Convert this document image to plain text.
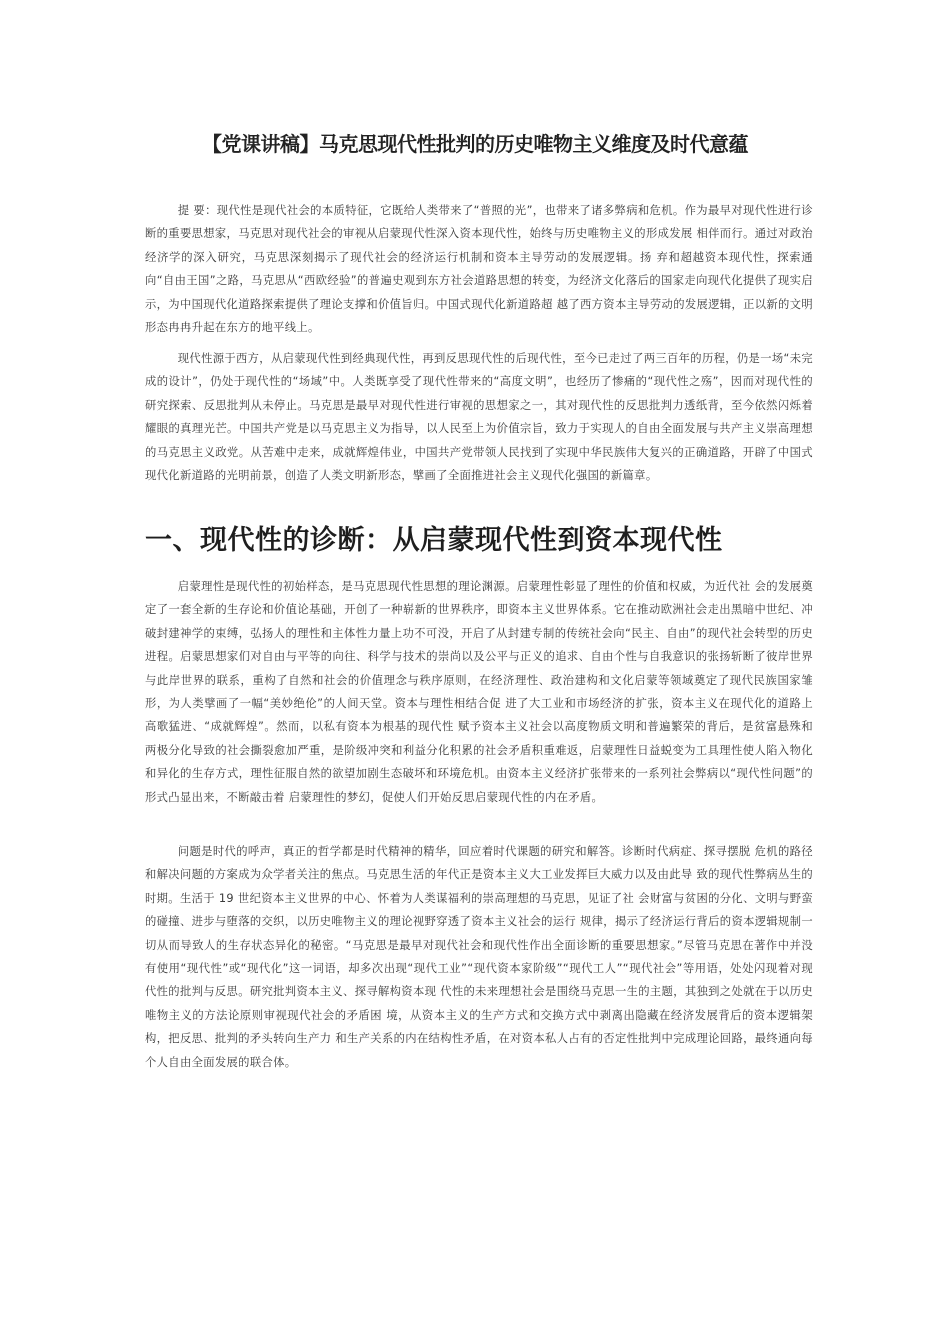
【党课讲稿】马克思现代性批判的历史唯物主义维度及时代意蕴

提 要：现代性是现代社会的本质特征，它既给人类带来了“普照的光”，也带来了诸多弊病和危机。作为最早对现代性进行诊断的重要思想家，马克思对现代社会的审视从启蒙现代性深入资本现代性，始终与历史唯物主义的形成发展 相伴而行。通过对政治经济学的深入研究，马克思深刻揭示了现代社会的经济运行机制和资本主导劳动的发展逻辑。扬 弃和超越资本现代性，探索通向“自由王国”之路，马克思从“西欧经验”的普遍史观到东方社会道路思想的转变，为经济文化落后的国家走向现代化提供了现实启示，为中国现代化道路探索提供了理论支撑和价值旨归。中国式现代化新道路超 越了西方资本主导劳动的发展逻辑，正以新的文明形态冉冉升起在东方的地平线上。

现代性源于西方，从启蒙现代性到经典现代性，再到反思现代性的后现代性，至今已走过了两三百年的历程，仍是一场“未完成的设计”，仍处于现代性的“场域”中。人类既享受了现代性带来的“高度文明”，也经历了惨痛的“现代性之殇”，因而对现代性的研究探索、反思批判从未停止。马克思是最早对现代性进行审视的思想家之一，其对现代性的反思批判力透纸背，至今依然闪烁着耀眼的真理光芒。中国共产党是以马克思主义为指导，以人民至上为价值宗旨，致力于实现人的自由全面发展与共产主义崇高理想的马克思主义政党。从苦难中走来，成就辉煌伟业，中国共产党带领人民找到了实现中华民族伟大复兴的正确道路，开辟了中国式现代化新道路的光明前景，创造了人类文明新形态，擘画了全面推进社会主义现代化强国的新篇章。

一、现代性的诊断：从启蒙现代性到资本现代性

启蒙理性是现代性的初始样态，是马克思现代性思想的理论渊源。启蒙理性彰显了理性的价值和权威，为近代社 会的发展奠定了一套全新的生存论和价值论基础，开创了一种崭新的世界秩序，即资本主义世界体系。它在推动欧洲社会走出黑暗中世纪、冲破封建神学的束缚，弘扬人的理性和主体性力量上功不可没，开启了从封建专制的传统社会向“民主、自由”的现代社会转型的历史进程。启蒙思想家们对自由与平等的向往、科学与技术的崇尚以及公平与正义的追求、自由个性与自我意识的张扬斩断了彼岸世界与此岸世界的联系，重构了自然和社会的价值理念与秩序原则，在经济理性、政治建构和文化启蒙等领域奠定了现代民族国家雏形，为人类擘画了一幅“美妙绝伦”的人间天堂。资本与理性相结合促 进了大工业和市场经济的扩张，资本主义在现代化的道路上高歌猛进、“成就辉煌”。然而，以私有资本为根基的现代性 赋予资本主义社会以高度物质文明和普遍繁荣的背后，是贫富悬殊和两极分化导致的社会撕裂愈加严重，是阶级冲突和利益分化积累的社会矛盾积重难返，启蒙理性日益蜕变为工具理性使人陷入物化和异化的生存方式，理性征服自然的欲望加剧生态破坏和环境危机。由资本主义经济扩张带来的一系列社会弊病以“现代性问题”的形式凸显出来，不断敲击着 启蒙理性的梦幻，促使人们开始反思启蒙现代性的内在矛盾。

问题是时代的呼声，真正的哲学都是时代精神的精华，回应着时代课题的研究和解答。诊断时代病症、探寻摆脱 危机的路径和解决问题的方案成为众学者关注的焦点。马克思生活的年代正是资本主义大工业发挥巨大威力以及由此导 致的现代性弊病丛生的时期。生活于 19 世纪资本主义世界的中心、怀着为人类谋福利的崇高理想的马克思，见证了社 会财富与贫困的分化、文明与野蛮的碰撞、进步与堕落的交织，以历史唯物主义的理论视野穿透了资本主义社会的运行 规律，揭示了经济运行背后的资本逻辑规制一切从而导致人的生存状态异化的秘密。“马克思是最早对现代社会和现代性作出全面诊断的重要思想家。”尽管马克思在著作中并没有使用“现代性”或“现代化”这一词语，却多次出现“现代工业”“现代资本家阶级”“现代工人”“现代社会”等用语，处处闪现着对现代性的批判与反思。研究批判资本主义、探寻解构资本现 代性的未来理想社会是围绕马克思一生的主题，其独到之处就在于以历史唯物主义的方法论原则审视现代社会的矛盾困 境，从资本主义的生产方式和交换方式中剥离出隐藏在经济发展背后的资本逻辑架构，把反思、批判的矛头转向生产力 和生产关系的内在结构性矛盾，在对资本私人占有的否定性批判中完成理论回路，最终通向每个人自由全面发展的联合体。
